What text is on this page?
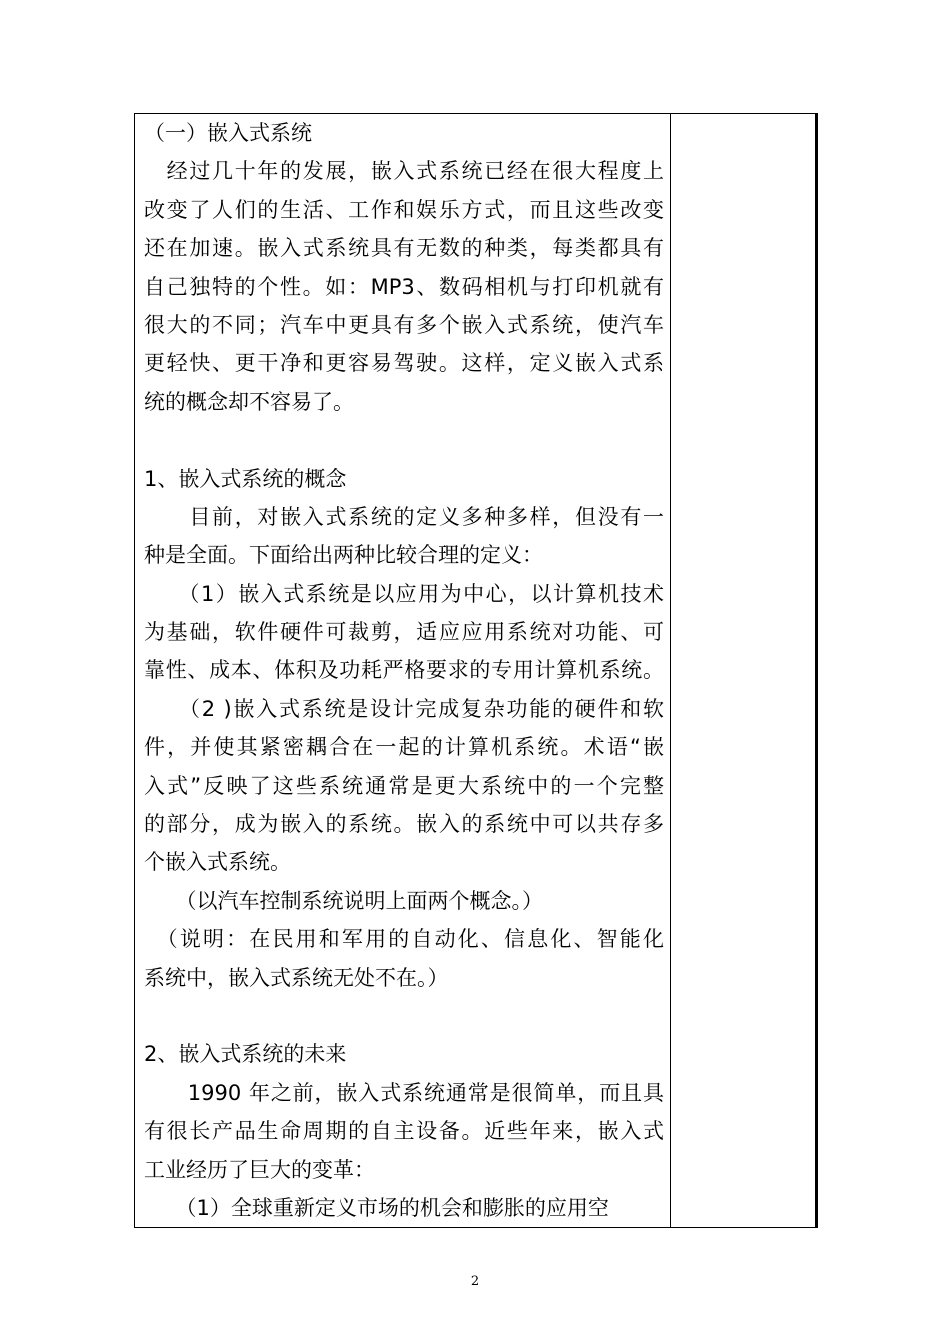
（一）嵌入式系统
　经过几十年的发展，嵌入式系统已经在很大程度上
改变了人们的生活、工作和娱乐方式，而且这些改变
还在加速。嵌入式系统具有无数的种类，每类都具有
自己独特的个性。如：MP3、数码相机与打印机就有
很大的不同；汽车中更具有多个嵌入式系统，使汽车
更轻快、更干净和更容易驾驶。这样，定义嵌入式系
统的概念却不容易了。
1、嵌入式系统的概念
　　目前，对嵌入式系统的定义多种多样，但没有一
种是全面。下面给出两种比较合理的定义：
　　（1）嵌入式系统是以应用为中心，以计算机技术
为基础，软件硬件可裁剪，适应应用系统对功能、可
靠性、成本、体积及功耗严格要求的专用计算机系统。
　　（2 )嵌入式系统是设计完成复杂功能的硬件和软
件，并使其紧密耦合在一起的计算机系统。术语“嵌
入式”反映了这些系统通常是更大系统中的一个完整
的部分，成为嵌入的系统。嵌入的系统中可以共存多
个嵌入式系统。
　　（以汽车控制系统说明上面两个概念。）
　（说明：在民用和军用的自动化、信息化、智能化
系统中，嵌入式系统无处不在。）
2、嵌入式系统的未来
　　1990 年之前，嵌入式系统通常是很简单，而且具
有很长产品生命周期的自主设备。近些年来，嵌入式
工业经历了巨大的变革：
　　（1）全球重新定义市场的机会和膨胀的应用空
2
